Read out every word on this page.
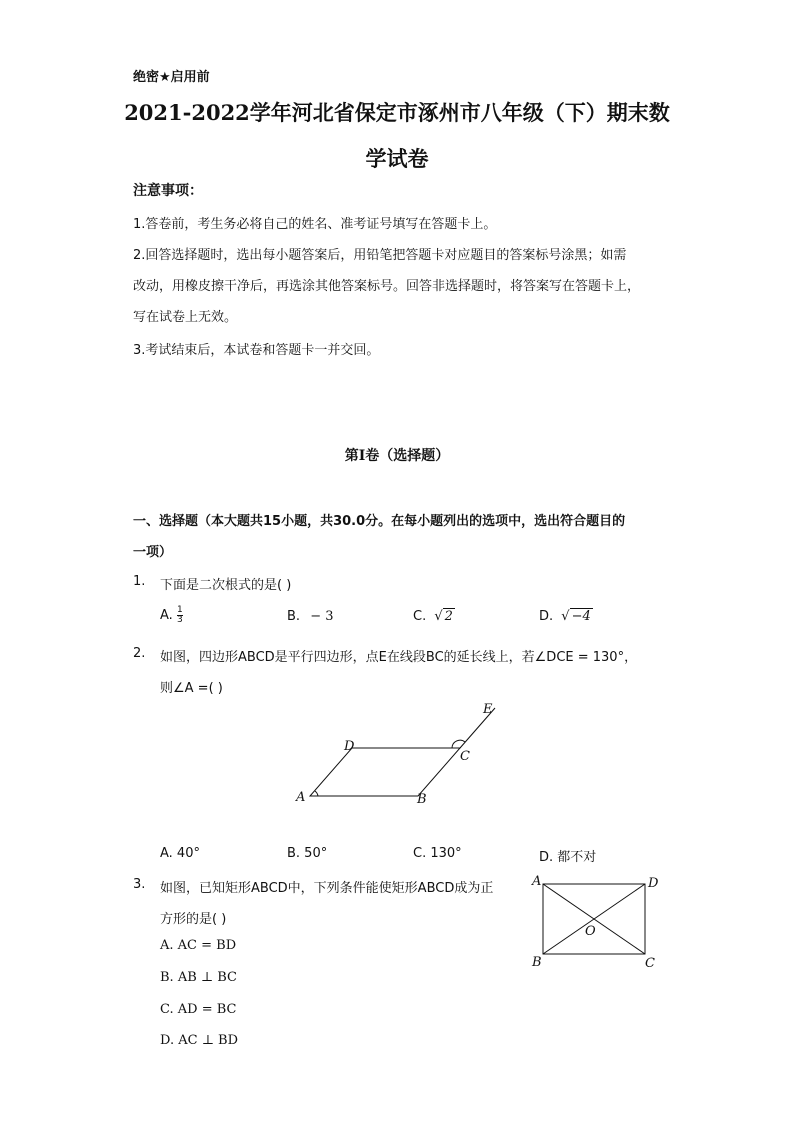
绝密★启用前
2021-2022学年河北省保定市涿州市八年级（下）期末数
学试卷
注意事项：
1.答卷前，考生务必将自己的姓名、准考证号填写在答题卡上。
2.回答选择题时，选出每小题答案后，用铅笔把答题卡对应题目的答案标号涂黑；如需
改动，用橡皮擦干净后，再选涂其他答案标号。回答非选择题时，将答案写在答题卡上，
写在试卷上无效。
3.考试结束后，本试卷和答题卡一并交回。
第I卷（选择题）
一、选择题（本大题共15小题，共30.0分。在每小题列出的选项中，选出符合题目的
一项）
1. 下面是二次根式的是( )
A. $\frac{1}{3}$	B. − 3	C. √ 2	D. √ −4
2. 如图，四边形ABCD是平行四边形，点E在线段BC的延长线上，若∠DCE = 130°，
则∠A =( )
A	B
C
D
E
A. 40°	B. 50°	C. 130°	D. 都不对
3. 如图，已知矩形ABCD中，下列条件能使矩形ABCD成为正
方形的是( )
A. AC = BD
B. AB ⊥ BC
C. AD = BC
D. AC ⊥ BD
A	D
B	C
O
